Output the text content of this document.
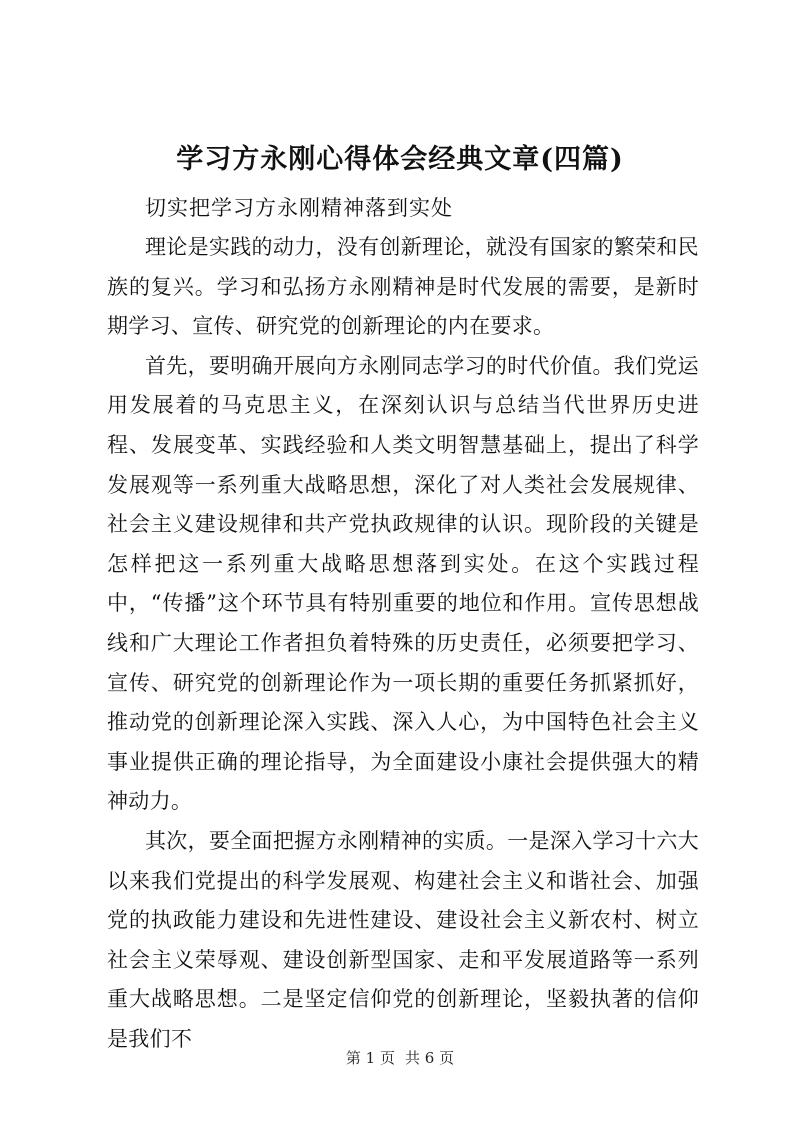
学习方永刚心得体会经典文章(四篇)

切实把学习方永刚精神落到实处

理论是实践的动力，没有创新理论，就没有国家的繁荣和民族的复兴。学习和弘扬方永刚精神是时代发展的需要，是新时期学习、宣传、研究党的创新理论的内在要求。

首先，要明确开展向方永刚同志学习的时代价值。我们党运用发展着的马克思主义，在深刻认识与总结当代世界历史进程、发展变革、实践经验和人类文明智慧基础上，提出了科学发展观等一系列重大战略思想，深化了对人类社会发展规律、社会主义建设规律和共产党执政规律的认识。现阶段的关键是怎样把这一系列重大战略思想落到实处。在这个实践过程中，“传播”这个环节具有特别重要的地位和作用。宣传思想战线和广大理论工作者担负着特殊的历史责任，必须要把学习、宣传、研究党的创新理论作为一项长期的重要任务抓紧抓好，推动党的创新理论深入实践、深入人心，为中国特色社会主义事业提供正确的理论指导，为全面建设小康社会提供强大的精神动力。

其次，要全面把握方永刚精神的实质。一是深入学习十六大以来我们党提出的科学发展观、构建社会主义和谐社会、加强党的执政能力建设和先进性建设、建设社会主义新农村、树立社会主义荣辱观、建设创新型国家、走和平发展道路等一系列重大战略思想。二是坚定信仰党的创新理论，坚毅执著的信仰是我们不

第 1 页 共 6 页
